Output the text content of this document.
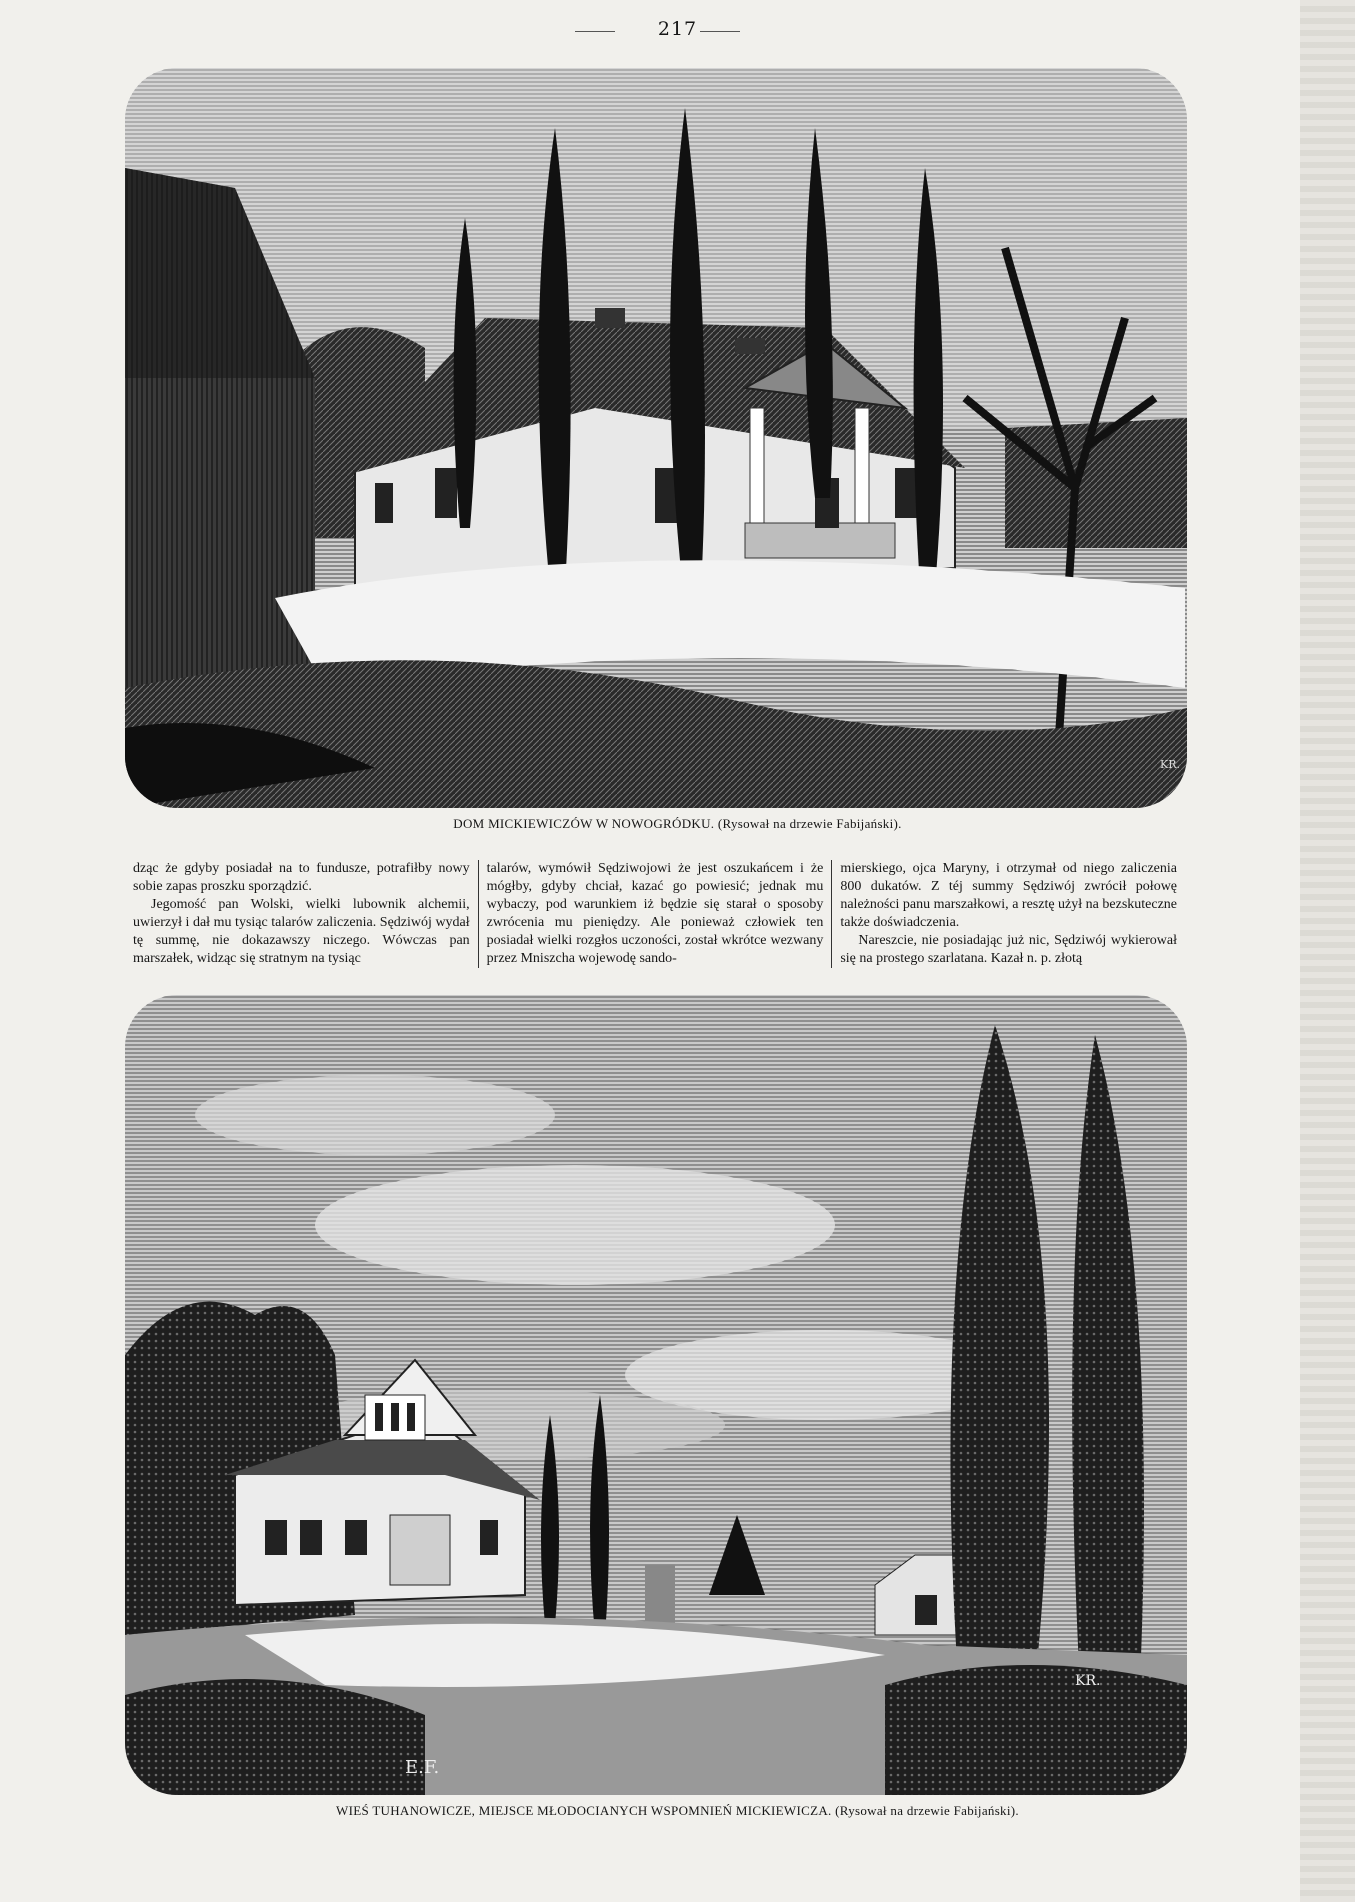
217
KR.
DOM MICKIEWICZÓW W NOWOGRÓDKU. (Rysował na drzewie Fabijański).

dząc że gdyby posiadał na to fundusze, potrafiłby nowy sobie zapas proszku sporządzić.

Jegomość pan Wolski, wielki lubownik alchemii, uwierzył i dał mu tysiąc talarów zaliczenia. Sędziwój wydał tę summę, nie dokazawszy niczego. Wówczas pan marszałek, widząc się stratnym na tysiąc

talarów, wymówił Sędziwojowi że jest oszukańcem i że mógłby, gdyby chciał, kazać go powiesić; jednak mu wybaczy, pod warunkiem iż będzie się starał o sposoby zwrócenia mu pieniędzy. Ale ponieważ człowiek ten posiadał wielki rozgłos uczoności, został wkrótce wezwany przez Mniszcha wojewodę sando-

mierskiego, ojca Maryny, i otrzymał od niego zaliczenia 800 dukatów. Z téj summy Sędziwój zwrócił połowę należności panu marszałkowi, a resztę użył na bezskuteczne także doświadczenia.

Nareszcie, nie posiadając już nic, Sędziwój wykierował się na prostego szarlatana. Kazał n. p. złotą

E.F.
KR.
WIEŚ TUHANOWICZE, MIEJSCE MŁODOCIANYCH WSPOMNIEŃ MICKIEWICZA. (Rysował na drzewie Fabijański).
